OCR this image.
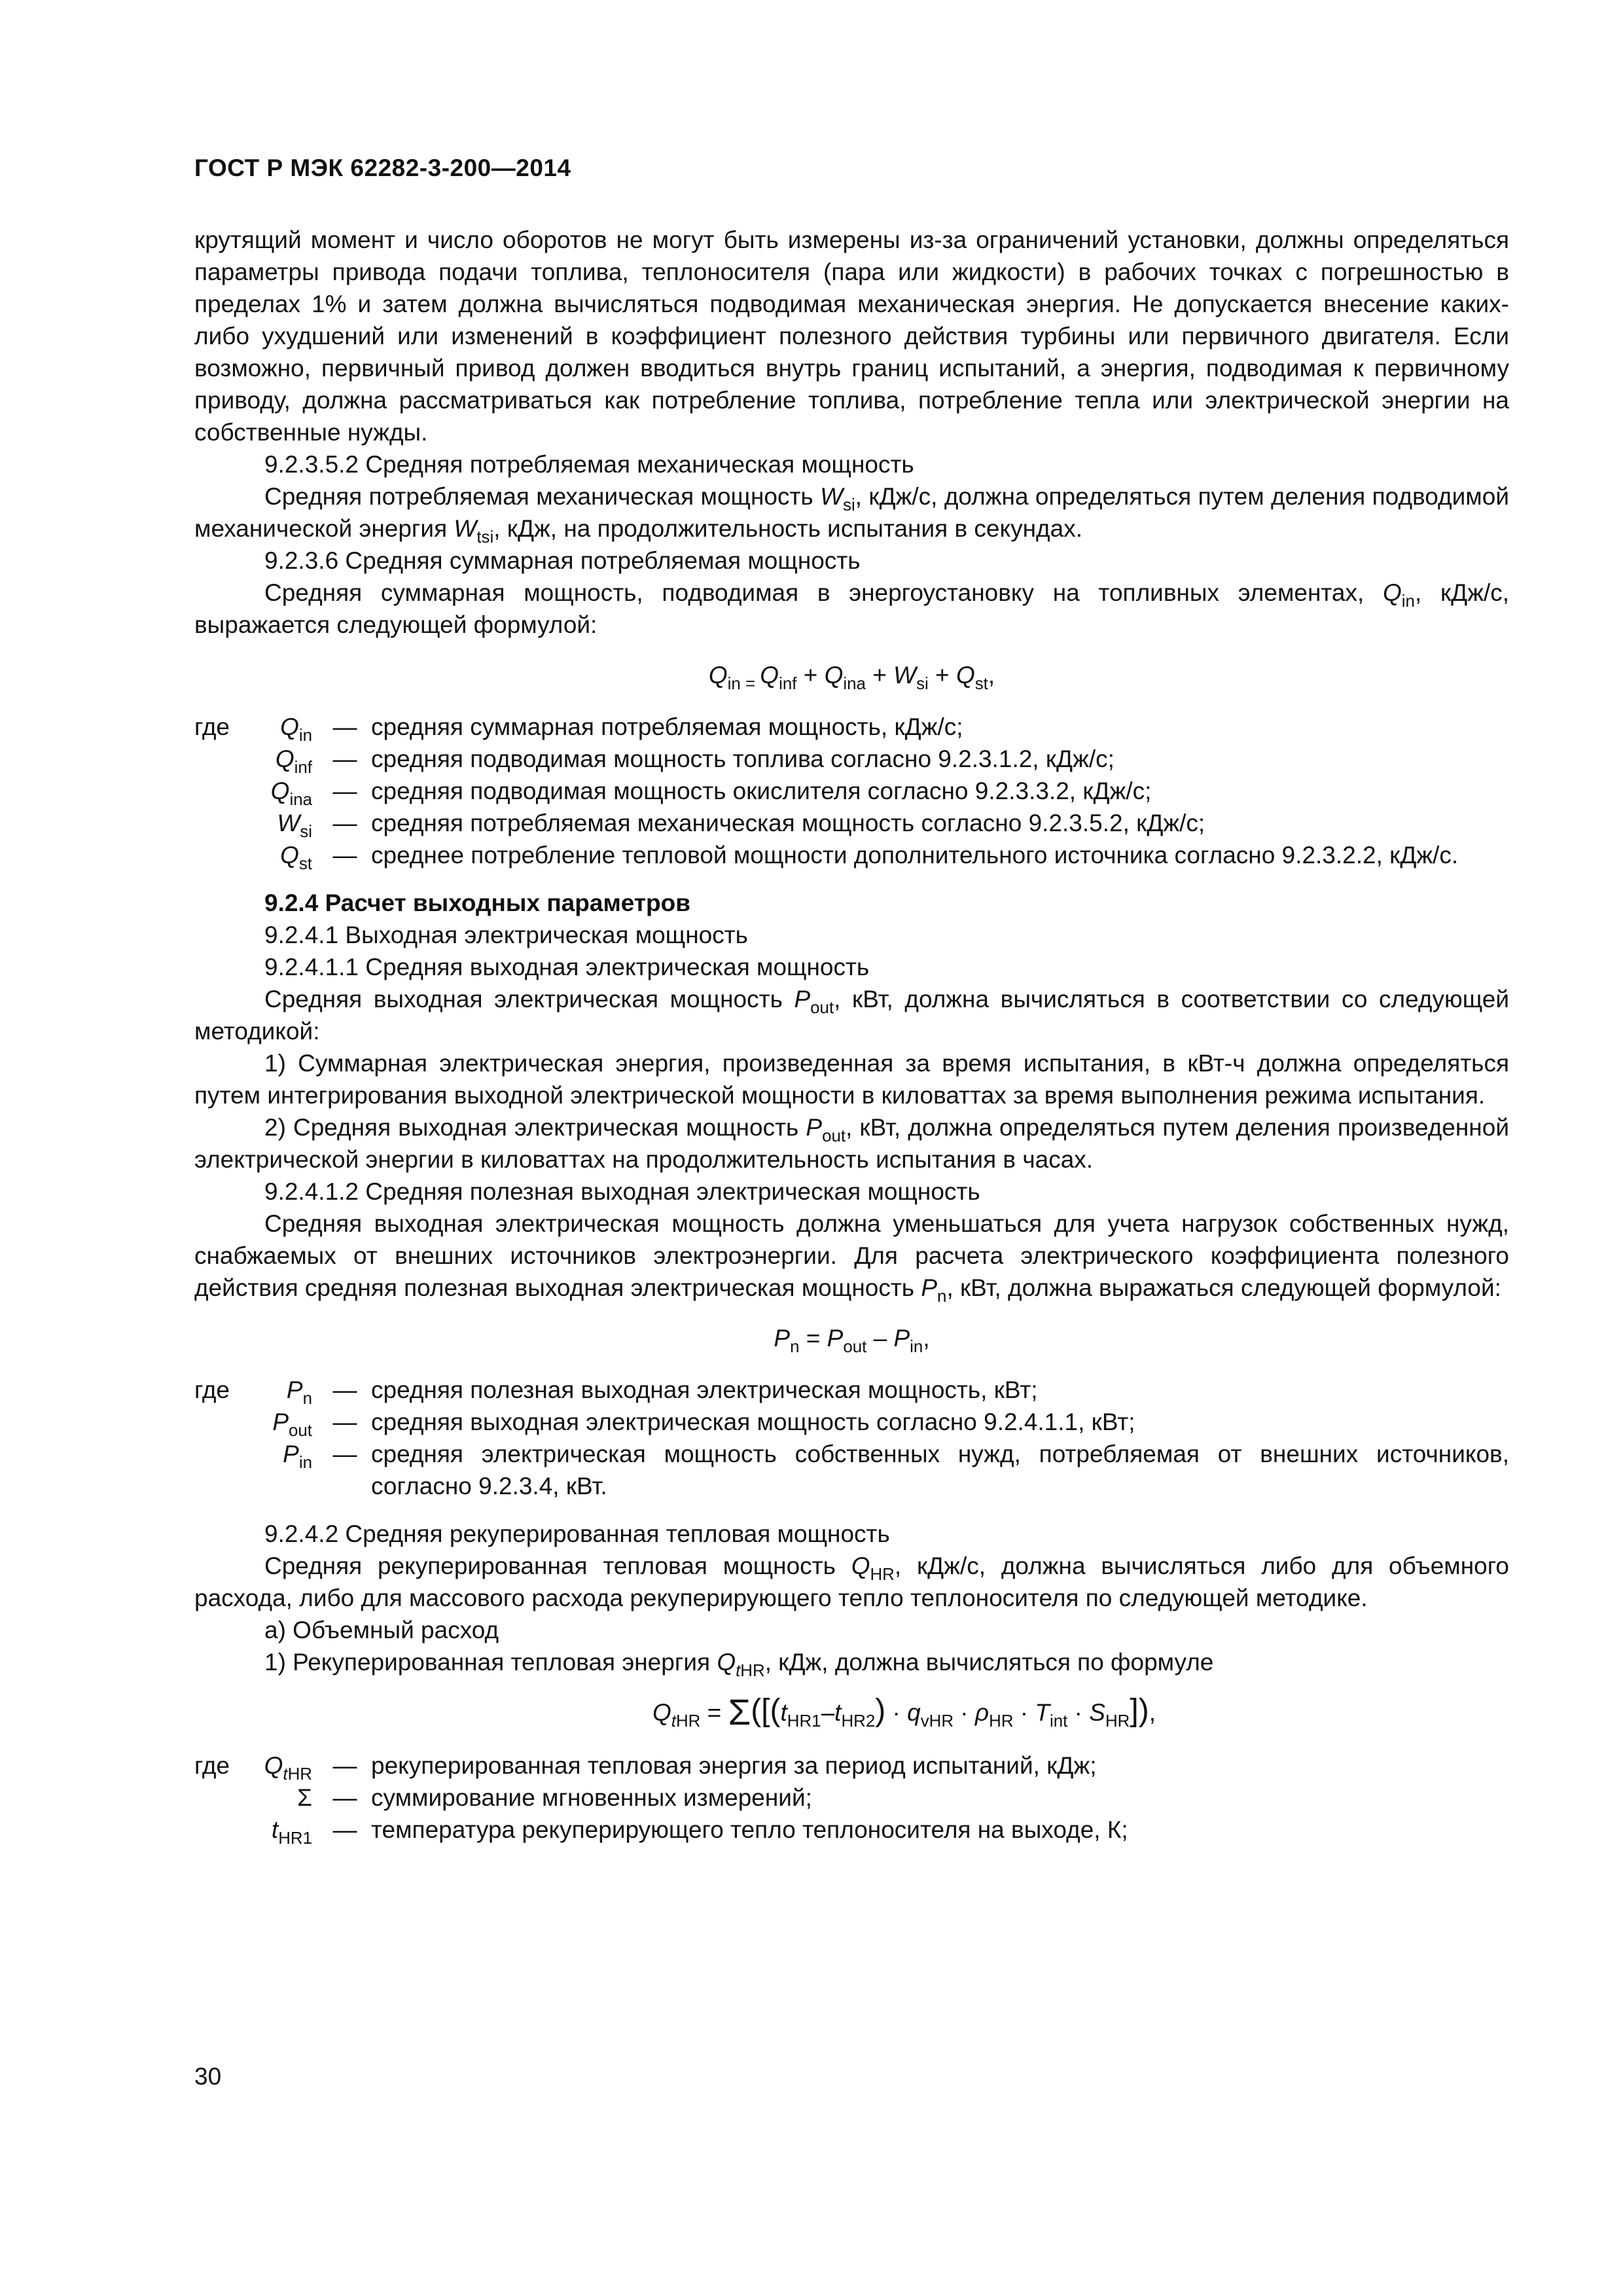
ГОСТ Р МЭК 62282-3-200—2014

крутящий момент и число оборотов не могут быть измерены из-за ограничений установки, должны определяться параметры привода подачи топлива, теплоносителя (пара или жидкости) в рабочих точках с погрешностью в пределах 1% и затем должна вычисляться подводимая механическая энергия. Не допускается внесение каких-либо ухудшений или изменений в коэффициент полезного действия турбины или первичного двигателя. Если возможно, первичный привод должен вводиться внутрь границ испытаний, а энергия, подводимая к первичному приводу, должна рассматриваться как потребление топлива, потребление тепла или электрической энергии на собственные нужды.

9.2.3.5.2 Средняя потребляемая механическая мощность

Средняя потребляемая механическая мощность $W_{si}$, кДж/с, должна определяться путем деления подводимой механической энергия $W_{tsi}$, кДж, на продолжительность испытания в секундах.

9.2.3.6 Средняя суммарная потребляемая мощность

Средняя суммарная мощность, подводимая в энергоустановку на топливных элементах, $Q_{in}$, кДж/с, выражается следующей формулой:

$Q_{in}$ $_=$ $Q_{inf} + Q_{ina} + W_{si} + Q_{st}$,
где	$Q_{in}$	—	средняя суммарная потребляемая мощность, кДж/с;
	$Q_{inf}$	—	средняя подводимая мощность топлива согласно 9.2.3.1.2, кДж/с;
	$Q_{ina}$	—	средняя подводимая мощность окислителя согласно 9.2.3.3.2, кДж/с;
	$W_{si}$	—	средняя потребляемая механическая мощность согласно 9.2.3.5.2, кДж/с;
	$Q_{st}$	—	среднее потребление тепловой мощности дополнительного источника согласно 9.2.3.2.2, кДж/с.

9.2.4 Расчет выходных параметров

9.2.4.1 Выходная электрическая мощность

9.2.4.1.1 Средняя выходная электрическая мощность

Средняя выходная электрическая мощность $P_{out}$, кВт, должна вычисляться в соответствии со следующей методикой:

1) Суммарная электрическая энергия, произведенная за время испытания, в кВт-ч должна определяться путем интегрирования выходной электрической мощности в киловаттах за время выполнения режима испытания.

2) Средняя выходная электрическая мощность $P_{out}$, кВт, должна определяться путем деления произведенной электрической энергии в киловаттах на продолжительность испытания в часах.

9.2.4.1.2 Средняя полезная выходная электрическая мощность

Средняя выходная электрическая мощность должна уменьшаться для учета нагрузок собственных нужд, снабжаемых от внешних источников электроэнергии. Для расчета электрического коэффициента полезного действия средняя полезная выходная электрическая мощность $P_n$, кВт, должна выражаться следующей формулой:

$P_n = P_{out} - P_{in}$,
где	$P_n$	—	средняя полезная выходная электрическая мощность, кВт;
	$P_{out}$	—	средняя выходная электрическая мощность согласно 9.2.4.1.1, кВт;
	$P_{in}$	—	средняя электрическая мощность собственных нужд, потребляемая от внешних источников, согласно 9.2.3.4, кВт.

9.2.4.2 Средняя рекуперированная тепловая мощность

Средняя рекуперированная тепловая мощность $Q_{HR}$, кДж/с, должна вычисляться либо для объемного расхода, либо для массового расхода рекуперирующего тепло теплоносителя по следующей методике.

а) Объемный расход

1) Рекуперированная тепловая энергия $Q_{tHR}$, кДж, должна вычисляться по формуле

$Q_{tHR} = \Sigma([(t_{HR1}-t_{HR2}) \cdot q_{vHR} \cdot \rho_{HR} \cdot T_{int} \cdot S_{HR}])$,
где	$Q_{tHR}$	—	рекуперированная тепловая энергия за период испытаний, кДж;
	Σ	—	суммирование мгновенных измерений;
	$t_{HR1}$	—	температура рекуперирующего тепло теплоносителя на выходе, К;
30
